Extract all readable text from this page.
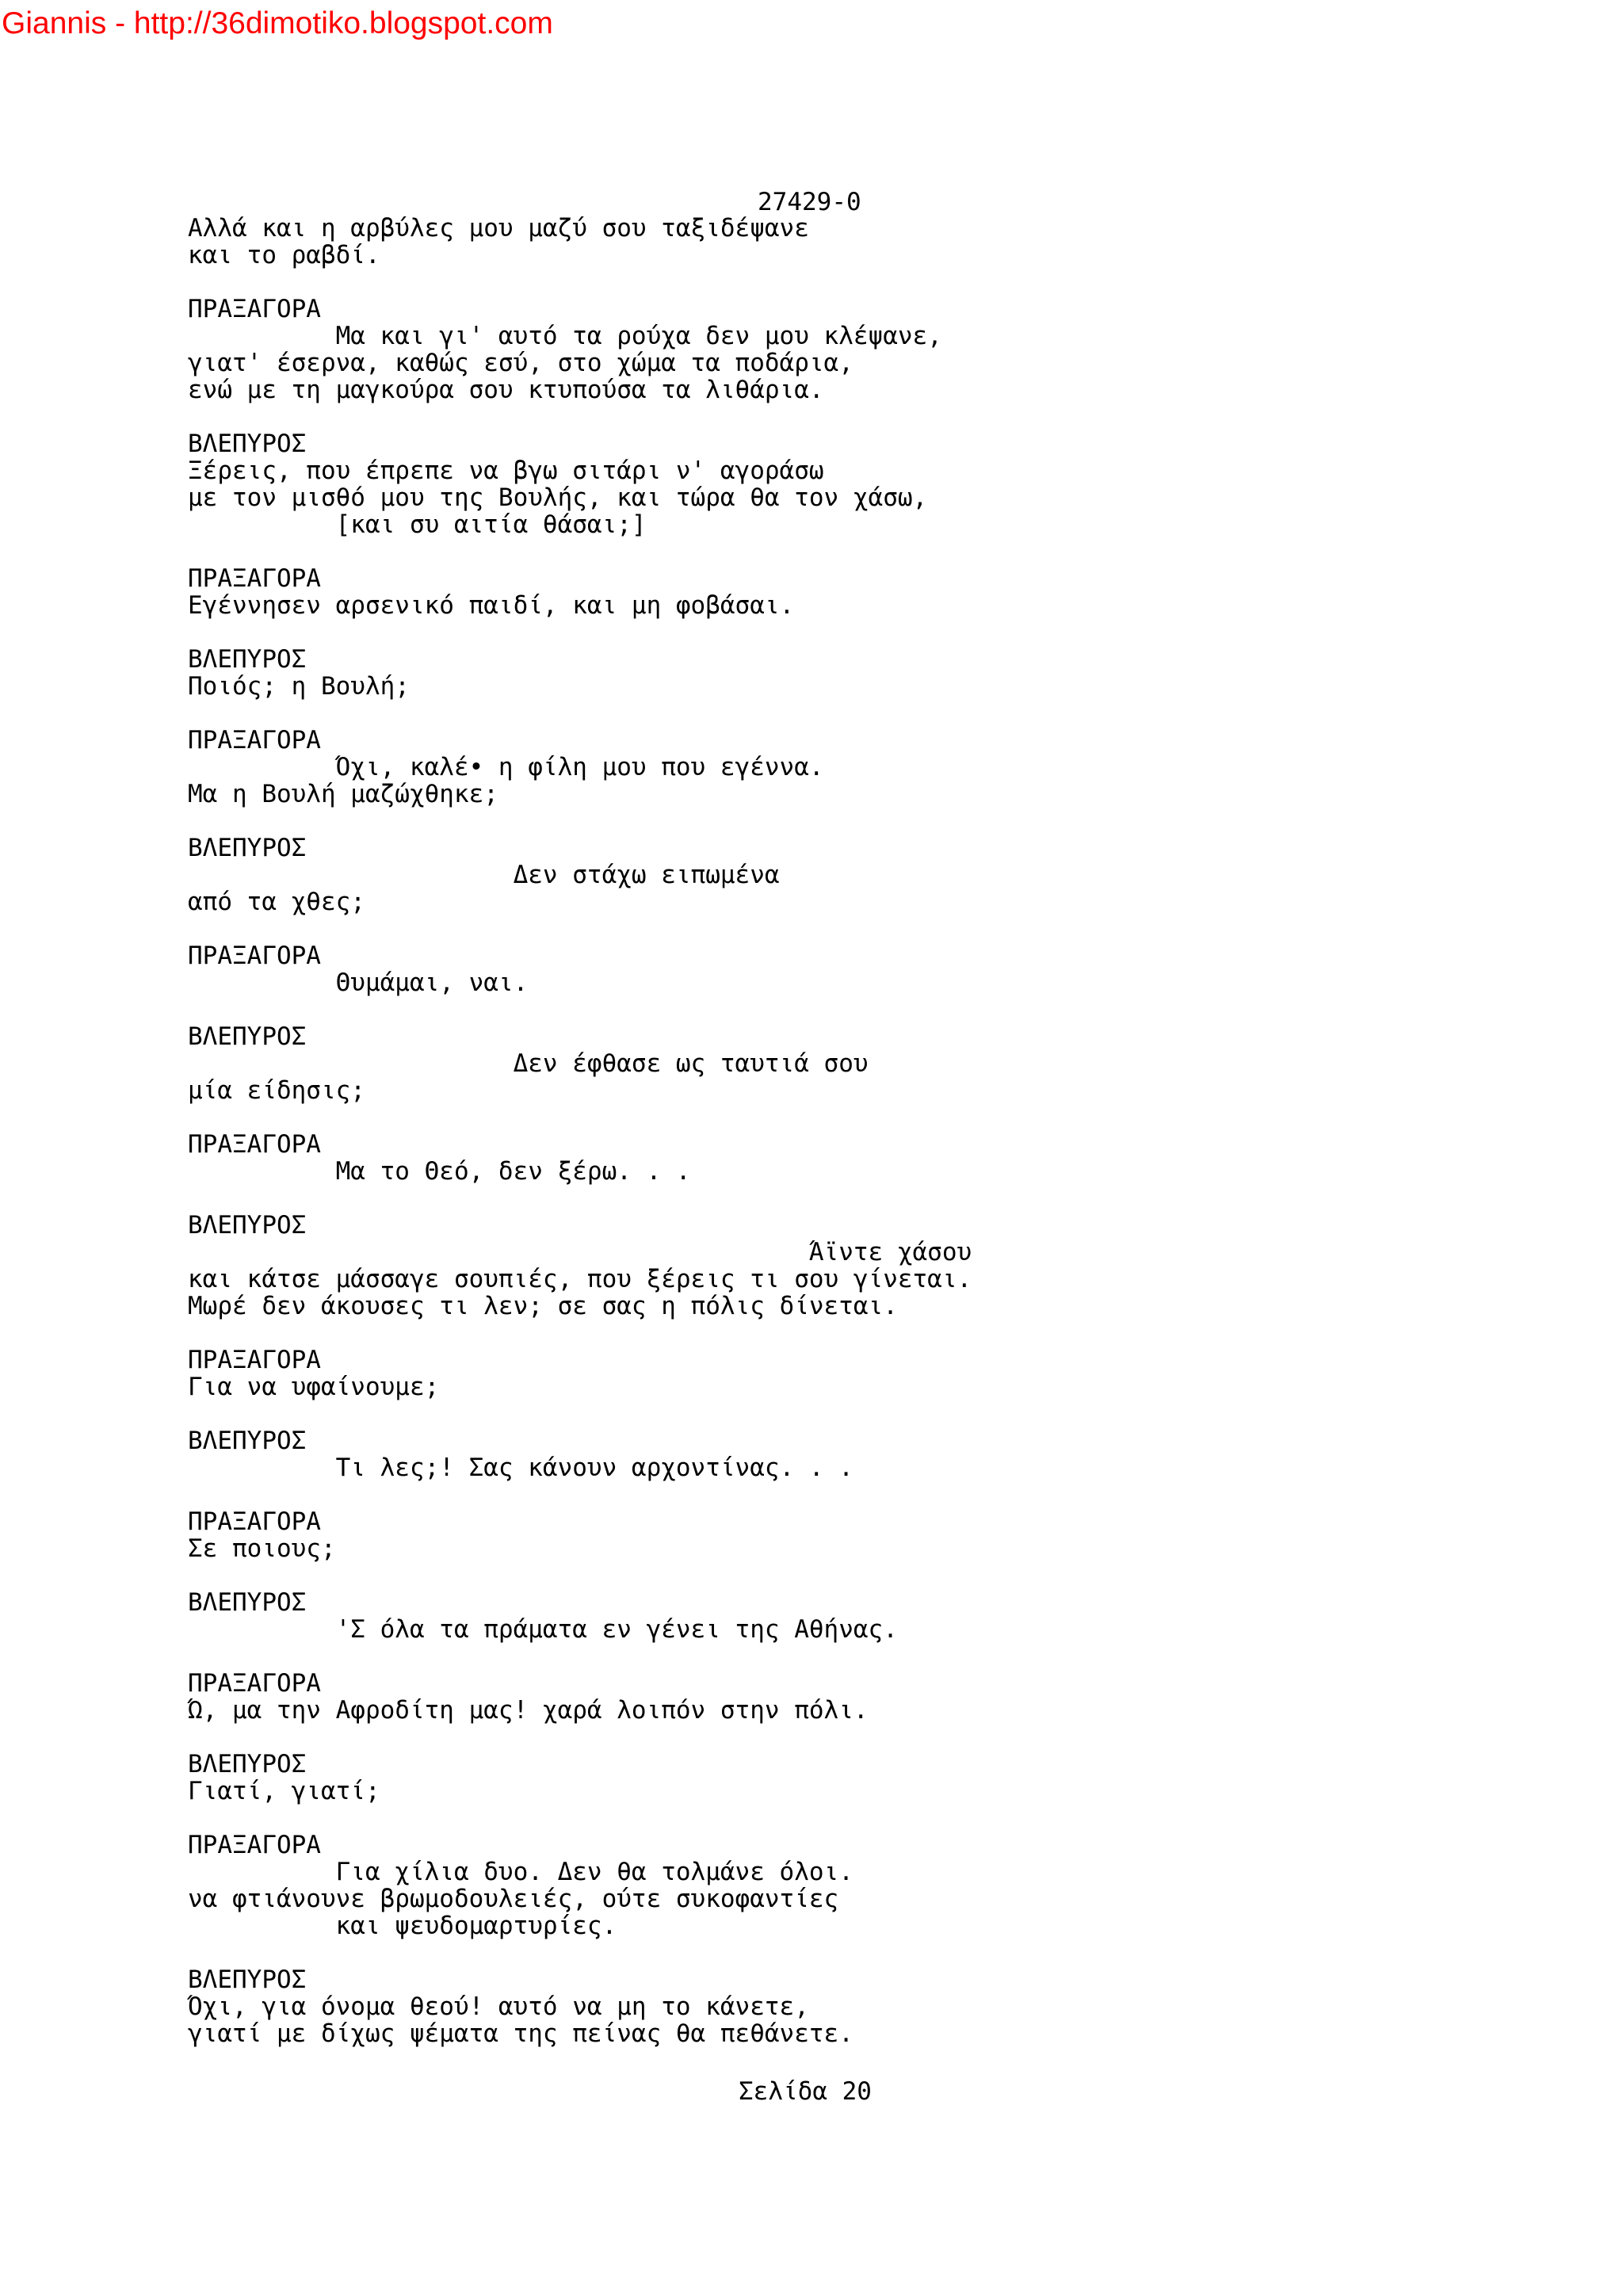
Giannis - http://36dimotiko.blogspot.com
27429-0
Αλλά και η αρβύλες μου μαζύ σου ταξιδέψανε
και το ραβδί.
ΠΡΑΞΑΓΟΡΑ
Μα και γι' αυτό τα ρούχα δεν μου κλέψανε,
γιατ' έσερνα, καθώς εσύ, στο χώμα τα ποδάρια,
ενώ με τη μαγκούρα σου κτυπούσα τα λιθάρια.
ΒΛΕΠΥΡΟΣ
Ξέρεις, που έπρεπε να βγω σιτάρι ν' αγοράσω
με τον μισθό μου της Βουλής, και τώρα θα τον χάσω,
[και συ αιτία θάσαι;]
ΠΡΑΞΑΓΟΡΑ
Εγέννησεν αρσενικό παιδί, και μη φοβάσαι.
ΒΛΕΠΥΡΟΣ
Ποιός; η Βουλή;
ΠΡΑΞΑΓΟΡΑ
Όχι, καλέ• η φίλη μου που εγέννα.
Μα η Βουλή μαζώχθηκε;
ΒΛΕΠΥΡΟΣ
Δεν στάχω ειπωμένα
από τα χθες;
ΠΡΑΞΑΓΟΡΑ
Θυμάμαι, ναι.
ΒΛΕΠΥΡΟΣ
Δεν έφθασε ως ταυτιά σου
μία είδησις;
ΠΡΑΞΑΓΟΡΑ
Μα το Θεό, δεν ξέρω. . .
ΒΛΕΠΥΡΟΣ
Άϊντε χάσου
και κάτσε μάσσαγε σουπιές, που ξέρεις τι σου γίνεται.
Μωρέ δεν άκουσες τι λεν; σε σας η πόλις δίνεται.
ΠΡΑΞΑΓΟΡΑ
Για να υφαίνουμε;
ΒΛΕΠΥΡΟΣ
Τι λες;! Σας κάνουν αρχοντίνας. . .
ΠΡΑΞΑΓΟΡΑ
Σε ποιους;
ΒΛΕΠΥΡΟΣ
'Σ όλα τα πράματα εν γένει της Αθήνας.
ΠΡΑΞΑΓΟΡΑ
Ώ, μα την Αφροδίτη μας! χαρά λοιπόν στην πόλι.
ΒΛΕΠΥΡΟΣ
Γιατί, γιατί;
ΠΡΑΞΑΓΟΡΑ
Για χίλια δυο. Δεν θα τολμάνε όλοι.
να φτιάνουνε βρωμοδουλειές, ούτε συκοφαντίες
και ψευδομαρτυρίες.
ΒΛΕΠΥΡΟΣ
Όχι, για όνομα θεού! αυτό να μη το κάνετε,
γιατί με δίχως ψέματα της πείνας θα πεθάνετε.
Σελίδα 20
